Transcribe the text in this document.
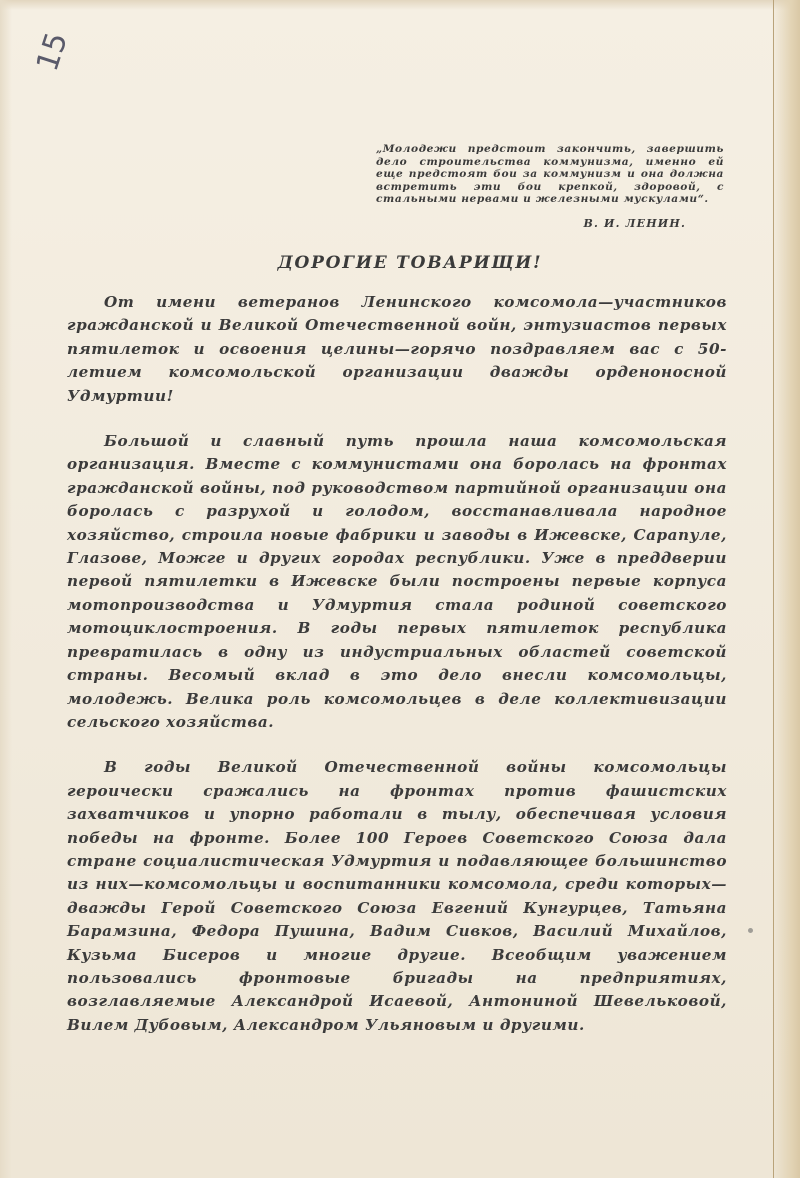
15
„Молодежи предстоит закончить, завершить дело строительства коммунизма, именно ей еще предстоят бои за коммунизм и она должна встретить эти бои крепкой, здоровой, с стальными нервами и железными мускулами“.
В. И. ЛЕНИН.
ДОРОГИЕ ТОВАРИЩИ!

От имени ветеранов Ленинского комсомола—участников гражданской и Великой Отечественной войн, энтузиастов первых пятилеток и освоения целины—горячо поздравляем вас с 50-летием комсомольской организации дважды орденоносной Удмуртии!

Большой и славный путь прошла наша комсомольская организация. Вместе с коммунистами она боролась на фронтах гражданской войны, под руководством партийной организации она боролась с разрухой и голодом, восстанавливала народное хозяйство, строила новые фабрики и заводы в Ижевске, Сарапуле, Глазове, Можге и других городах республики. Уже в преддверии первой пятилетки в Ижевске были построены первые корпуса мотопроизводства и Удмуртия стала родиной советского мотоциклостроения. В годы первых пятилеток республика превратилась в одну из индустриальных областей советской страны. Весомый вклад в это дело внесли комсомольцы, молодежь. Велика роль комсомольцев в деле коллективизации сельского хозяйства.

В годы Великой Отечественной войны комсомольцы героически сражались на фронтах против фашистских захватчиков и упорно работали в тылу, обеспечивая условия победы на фронте. Более 100 Героев Советского Союза дала стране социалистическая Удмуртия и подавляющее большинство из них—комсомольцы и воспитанники комсомола, среди которых—дважды Герой Советского Союза Евгений Кунгурцев, Татьяна Барамзина, Федора Пушина, Вадим Сивков, Василий Михайлов, Кузьма Бисеров и многие другие. Всеобщим уважением пользовались фронтовые бригады на предприятиях, возглавляемые Александрой Исаевой, Антониной Шевельковой, Вилем Дубовым, Александром Ульяновым и другими.
